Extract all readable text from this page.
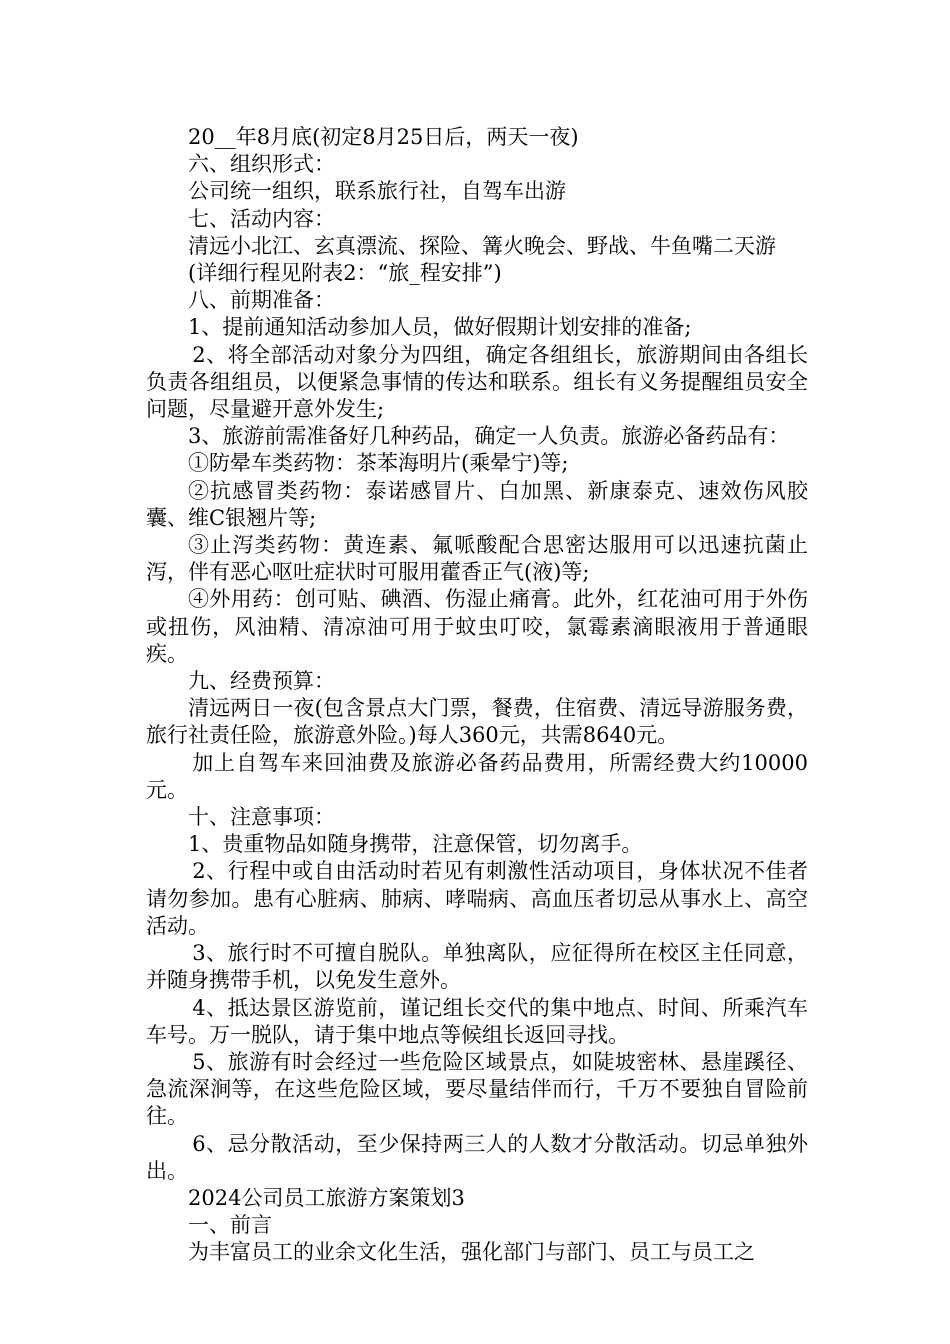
20__年8月底(初定8月25日后，两天一夜)

六、组织形式：

公司统一组织，联系旅行社，自驾车出游

七、活动内容：

清远小北江、玄真漂流、探险、篝火晚会、野战、牛鱼嘴二天游

(详细行程见附表2：“旅_程安排”)

八、前期准备：

1、提前通知活动参加人员，做好假期计划安排的准备;

2、将全部活动对象分为四组，确定各组组长，旅游期间由各组长负责各组组员，以便紧急事情的传达和联系。组长有义务提醒组员安全问题，尽量避开意外发生;

3、旅游前需准备好几种药品，确定一人负责。旅游必备药品有：

①防晕车类药物：茶苯海明片(乘晕宁)等;

②抗感冒类药物：泰诺感冒片、白加黑、新康泰克、速效伤风胶囊、维C银翘片等;

③止泻类药物：黄连素、氟哌酸配合思密达服用可以迅速抗菌止泻，伴有恶心呕吐症状时可服用藿香正气(液)等;

④外用药：创可贴、碘酒、伤湿止痛膏。此外，红花油可用于外伤或扭伤，风油精、清凉油可用于蚊虫叮咬，氯霉素滴眼液用于普通眼疾。

九、经费预算：

清远两日一夜(包含景点大门票，餐费，住宿费、清远导游服务费，旅行社责任险，旅游意外险。)每人360元，共需8640元。

加上自驾车来回油费及旅游必备药品费用，所需经费大约10000元。

十、注意事项：

1、贵重物品如随身携带，注意保管，切勿离手。

2、行程中或自由活动时若见有刺激性活动项目，身体状况不佳者请勿参加。患有心脏病、肺病、哮喘病、高血压者切忌从事水上、高空活动。

3、旅行时不可擅自脱队。单独离队，应征得所在校区主任同意，并随身携带手机，以免发生意外。

4、抵达景区游览前，谨记组长交代的集中地点、时间、所乘汽车车号。万一脱队，请于集中地点等候组长返回寻找。

5、旅游有时会经过一些危险区域景点，如陡坡密林、悬崖蹊径、急流深涧等，在这些危险区域，要尽量结伴而行，千万不要独自冒险前往。

6、忌分散活动，至少保持两三人的人数才分散活动。切忌单独外出。

2024公司员工旅游方案策划3

一、前言

为丰富员工的业余文化生活，强化部门与部门、员工与员工之
